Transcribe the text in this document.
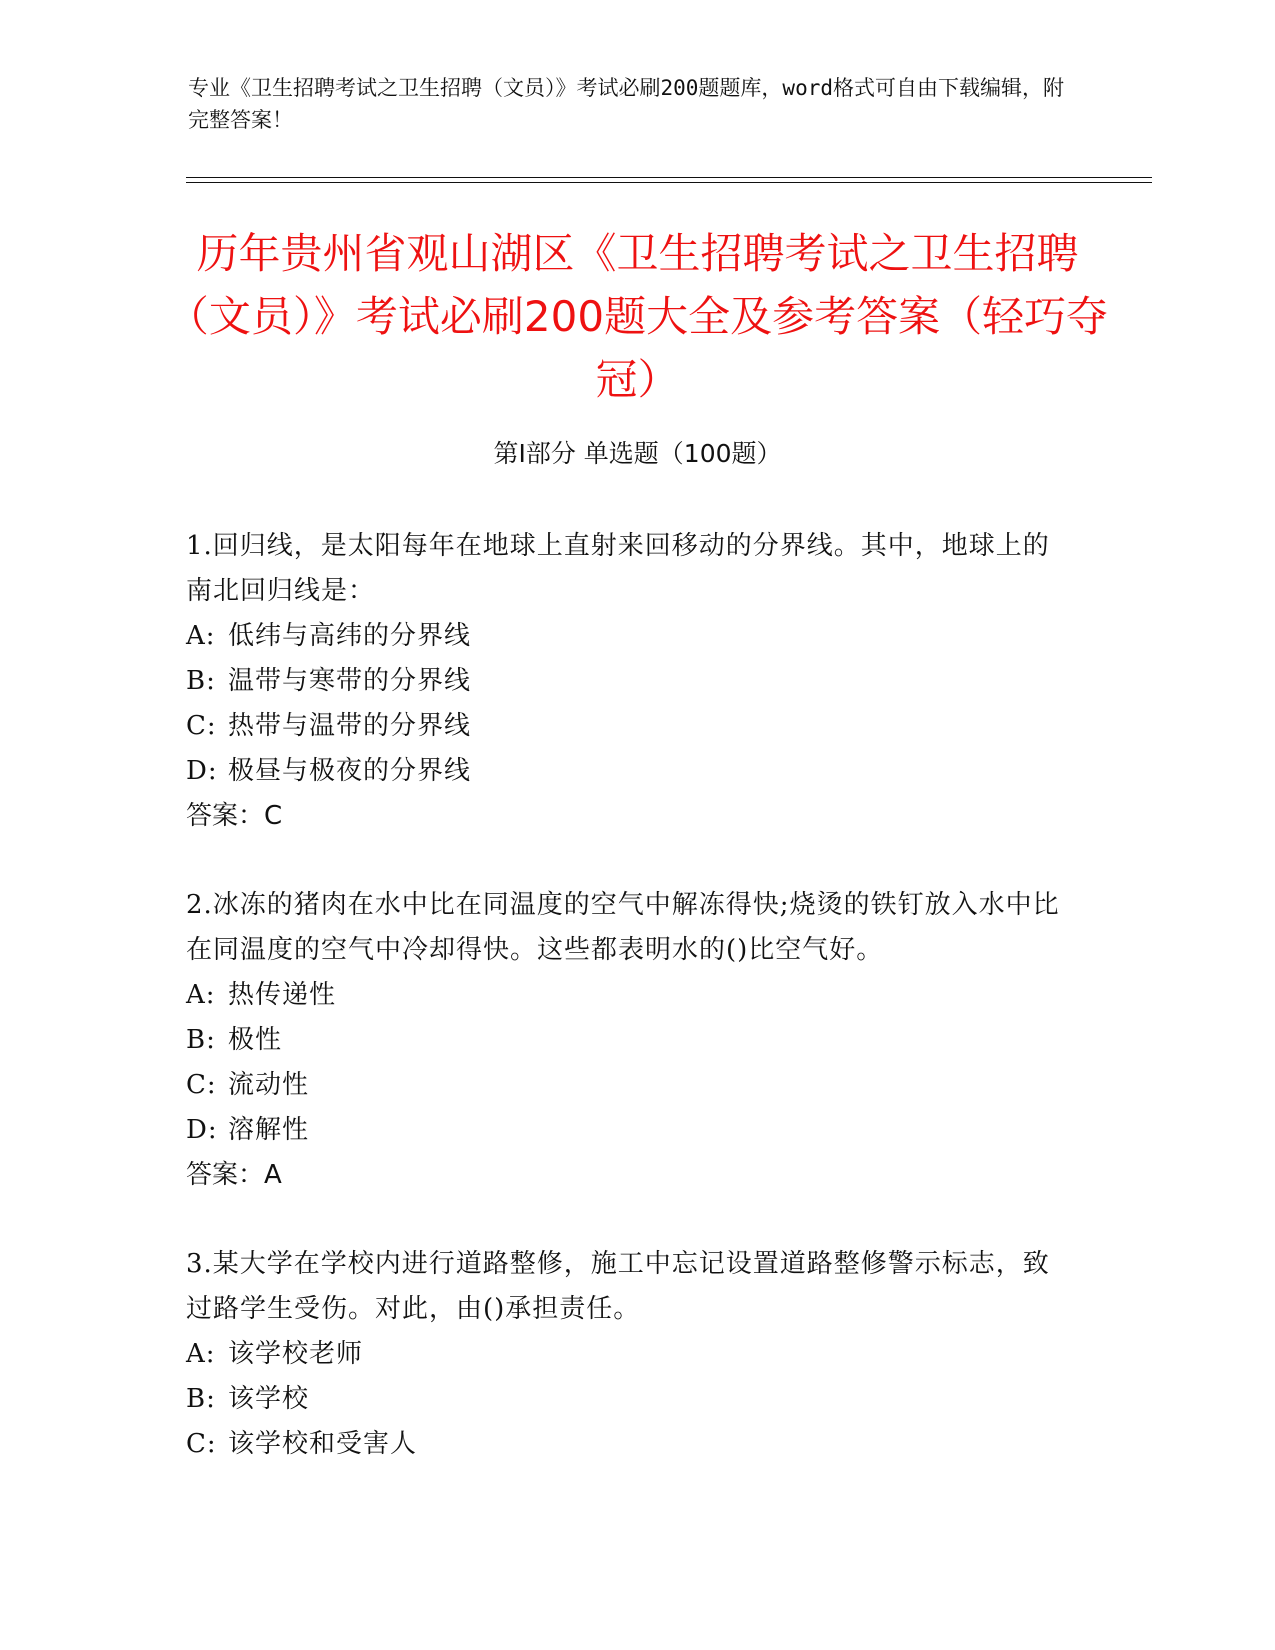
专业《卫生招聘考试之卫生招聘（文员）》考试必刷200题题库，word格式可自由下载编辑，附完整答案！

历年贵州省观山湖区《卫生招聘考试之卫生招聘（文员）》考试必刷200题大全及参考答案（轻巧夺冠）
第I部分 单选题（100题）

1.回归线，是太阳每年在地球上直射来回移动的分界线。其中，地球上的南北回归线是：

A: 低纬与高纬的分界线

B: 温带与寒带的分界线

C: 热带与温带的分界线

D: 极昼与极夜的分界线

答案：C

2.冰冻的猪肉在水中比在同温度的空气中解冻得快;烧烫的铁钉放入水中比在同温度的空气中冷却得快。这些都表明水的()比空气好。

A: 热传递性

B: 极性

C: 流动性

D: 溶解性

答案：A

3.某大学在学校内进行道路整修，施工中忘记设置道路整修警示标志，致过路学生受伤。对此，由()承担责任。

A: 该学校老师

B: 该学校

C: 该学校和受害人
